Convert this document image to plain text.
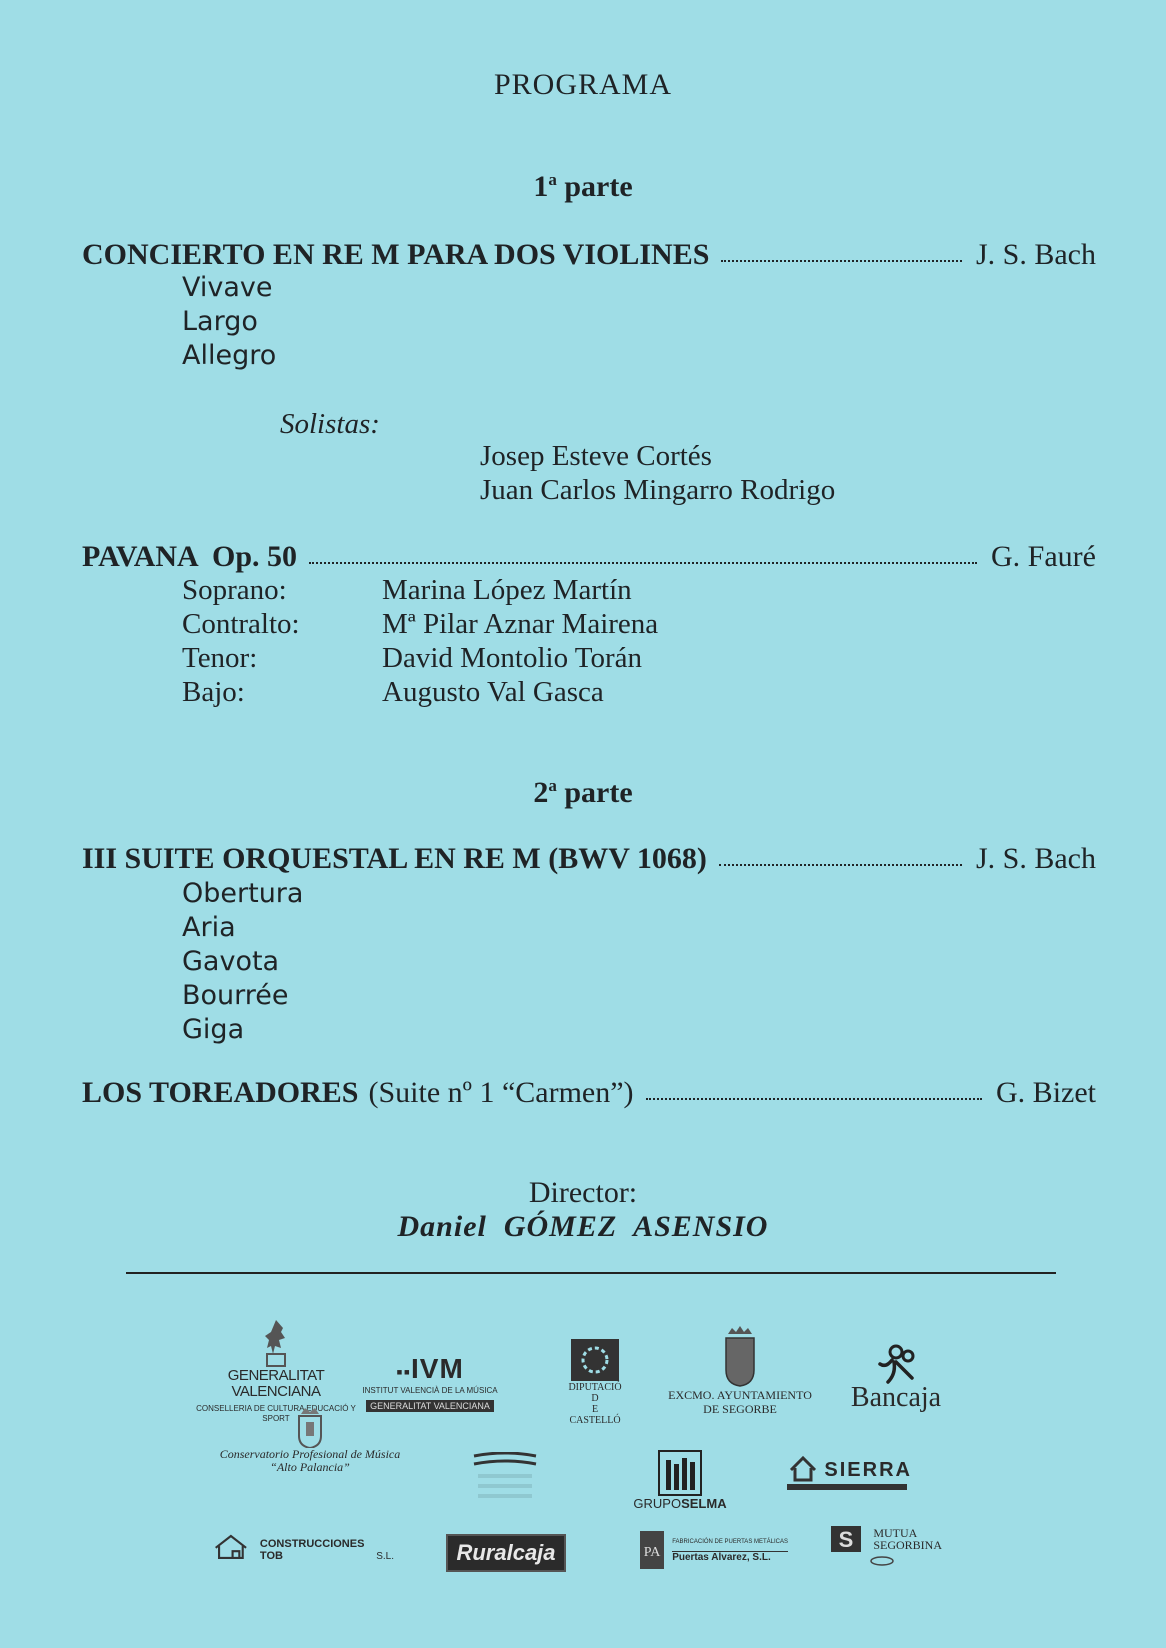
PROGRAMA
1$^a$ parte
CONCIERTO EN RE M PARA DOS VIOLINES	J. S. Bach
Vivave
Largo
Allegro
Solistas:
Josep Esteve Cortés
Juan Carlos Mingarro Rodrigo
PAVANA  Op. 50	G. Fauré
Soprano:	Marina López Martín
Contralto:	Mª Pilar Aznar Mairena
Tenor:	David Montolio Torán
Bajo:	Augusto Val Gasca
2$^a$ parte
III SUITE ORQUESTAL EN RE M (BWV 1068)	J. S. Bach
Obertura
Aria
Gavota
Bourrée
Giga
LOS TOREADORES (Suite nº 1 “Carmen”)	G. Bizet
Director:
Daniel  GÓMEZ  ASENSIO
GENERALITAT
VALENCIANA
CONSELLERIA DE CULTURA EDUCACIÓ Y SPORT
▪▪IVM
INSTITUT VALENCIÀ DE LA MÚSICA
GENERALITAT VALENCIANA
DIPUTACIÓ
D
E
CASTELLÓ
EXCMO. AYUNTAMIENTO
DE SEGORBE	Bancaja
Conservatorio Profesional de Música
“Alto Palancia”
GRUPOSELMA
SIERRA
CONSTRUCCIONES TOB	S.L.	Ruralcaja	PA
FABRICACIÓN DE PUERTAS METÁLICAS
Puertas Alvarez, S.L.
S MUTUA
SEGORBINA
